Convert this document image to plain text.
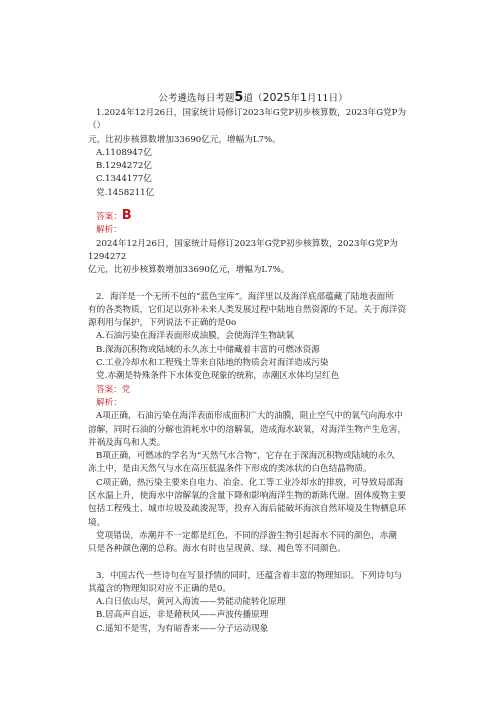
公考遴选每日考题5道（2025年1月11日）

1.2024年12月26日，国家统计局修订2023年G党P初步核算数，2023年G党P为（）

元，比初步核算数增加33690亿元，增幅为L7%。

A.1108947亿

B.1294272亿

C.1344177亿

党.1458211亿

答案：B

解析：

2024年12月26日，国家统计局修订2023年G党P初步核算数，2023年G党P为1294272

亿元，比初步核算数增加33690亿元，增幅为L7%。

2．海洋是一个无所不包的“蓝色宝库”。海洋里以及海洋底部蕴藏了陆地表面所

有的各类物质，它们足以弥补未来人类发展过程中陆地自然资源的不足。关于海洋资

源利用与保护，下列说法不正确的是0o

A.石油污染在海洋表面形成油膜，会使海洋生物缺氧

B.深海沉积物或陆域的永久冻土中储藏着丰富的可燃冰资源

C.工业冷却水和工程残土等来自陆地的物质会对海洋造成污染

党.赤潮是特殊条件下水体变色现象的统称，赤潮区水体均呈红色

答案：党

解析：

A项正确，石油污染在海洋表面形成面积广大的油膜，阻止空气中的氧气向海水中

溶解，同时石油的分解也消耗水中的溶解氧，造成海水缺氧，对海洋生物产生危害，

并祸及海鸟和人类。

B项正确，可燃冰的学名为“天然气水合物”，它存在于深海沉积物或陆域的永久

冻土中，是由天然气与水在高压低温条件下形成的类冰状的白色结晶物质。

C项正确，热污染主要来自电力、冶金、化工等工业冷却水的排放，可导致局部海

区水温上升，使海水中溶解氧的含量下降和影响海洋生物的新陈代谢。固体废物主要

包括工程残土、城市垃圾及疏浚泥等，投弃入海后能破坏海滨自然环境及生物栖息环

境。

党项错误，赤潮并不一定都是红色，不同的浮游生物引起海水不同的颜色，赤潮

只是各种颜色潮的总称。海水有时也呈现黄、绿、褐色等不同颜色。

3．中国古代一些诗句在写景抒情的同时，还蕴含着丰富的物理知识。下列诗句与

其蕴含的物理知识对应不正确的是0。

A.白日依山尽，黄河入海流——势能动能转化原理

B.居高声自远，非是藉秋风——声波传播原理

C.遥知不是雪，为有暗香来——分子运动现象
